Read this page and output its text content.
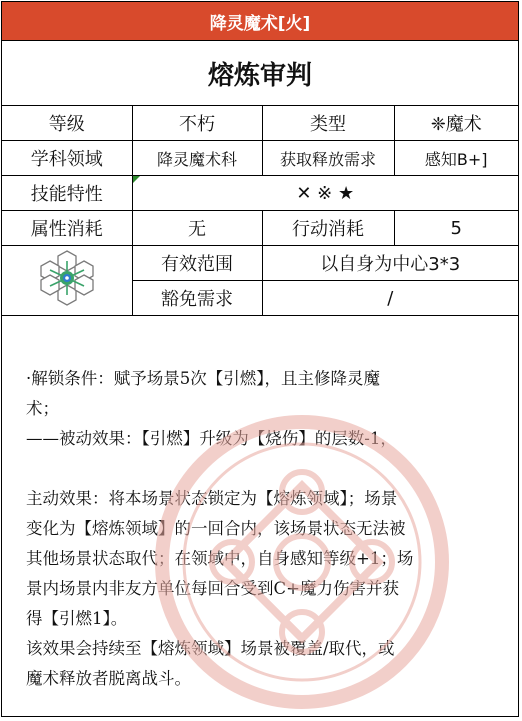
降灵魔术[火]
熔炼审判
等级	不朽	类型	❈魔术
学科领域	降灵魔术科	获取释放需求	感知B+]
技能特性	✕ ※ ★		
属性消耗	无	行动消耗	5
	有效范围	以自身为中心3*3	
	豁免需求	/	

·解锁条件：赋予场景5次【引燃】，且主修降灵魔

术；

——被动效果：【引燃】升级为【烧伤】的层数-1，

主动效果：将本场景状态锁定为【熔炼领域】；场景

变化为【熔炼领域】的一回合内，该场景状态无法被

其他场景状态取代；在领域中，自身感知等级+1；场

景内场景内非友方单位每回合受到C+魔力伤害并获

得【引燃1】。

该效果会持续至【熔炼领域】场景被覆盖/取代，或

魔术释放者脱离战斗。
